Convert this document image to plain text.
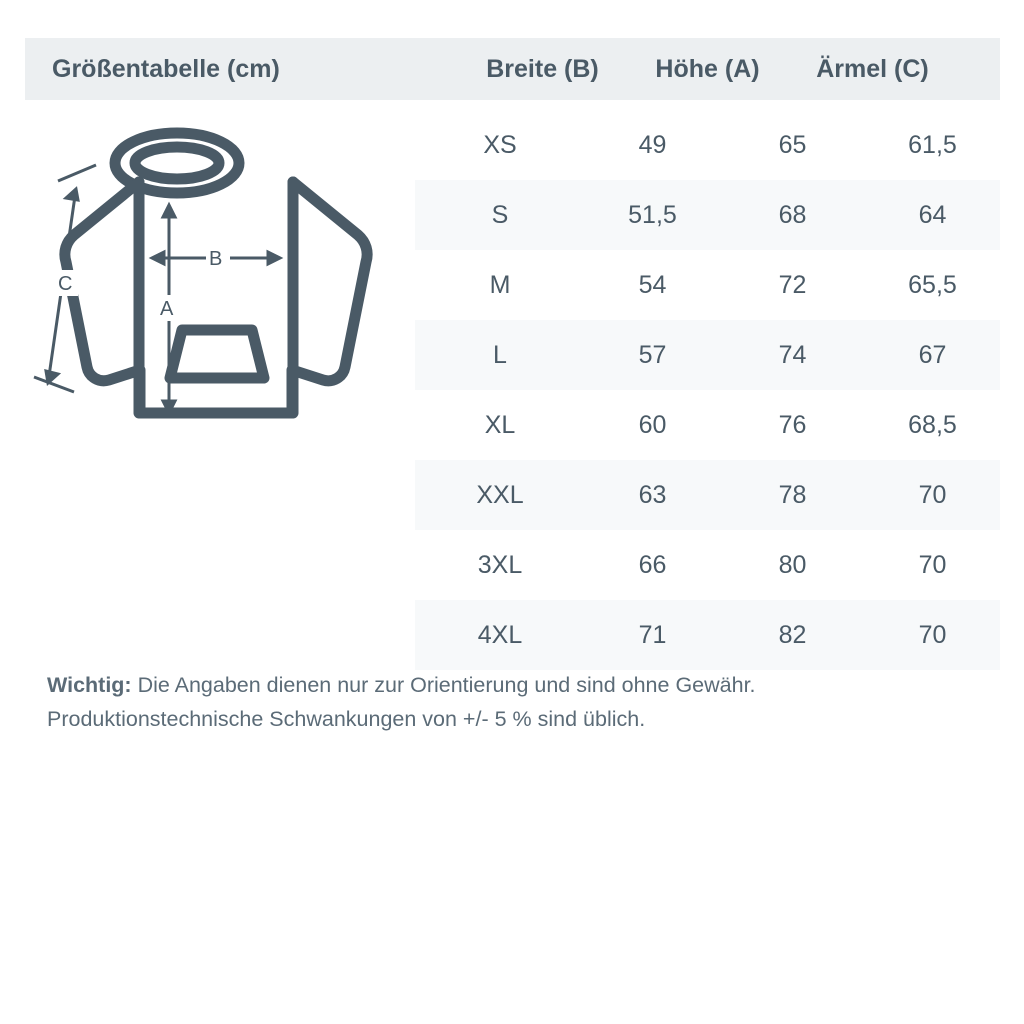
Größentabelle (cm)	Breite (B)	Höhe (A)	Ärmel (C)
B
A
C
XS	49	65	61,5
S	51,5	68	64
M	54	72	65,5
L	57	74	67
XL	60	76	68,5
XXL	63	78	70
3XL	66	80	70
4XL	71	82	70
Wichtig: Die Angaben dienen nur zur Orientierung und sind ohne Gewähr.
Produktionstechnische Schwankungen von +/- 5 % sind üblich.
